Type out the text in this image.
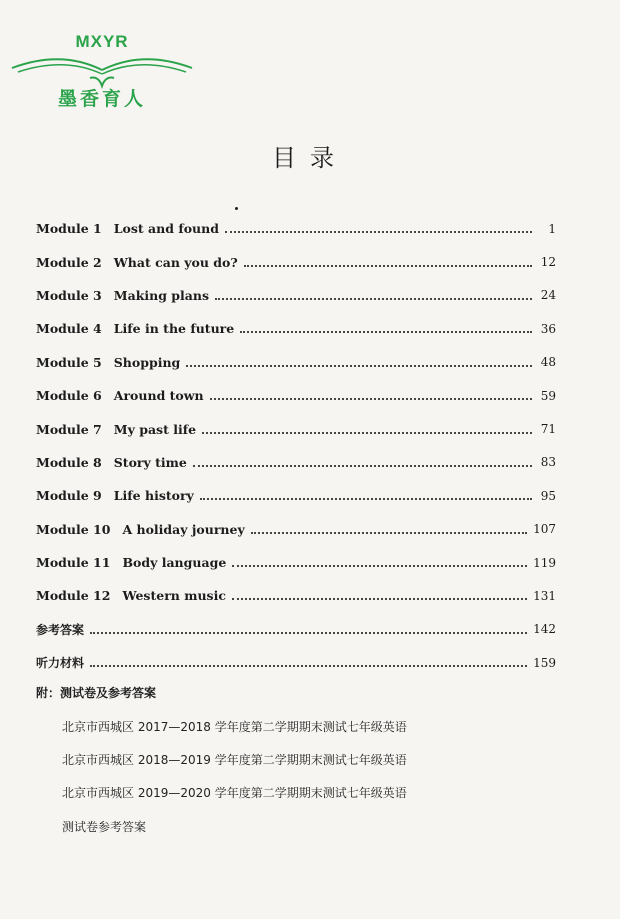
MXYR
墨香育人
目录
Module 1 Lost and found	1
Module 2 What can you do?	12
Module 3 Making plans	24
Module 4 Life in the future	36
Module 5 Shopping	48
Module 6 Around town	59
Module 7 My past life	71
Module 8 Story time	83
Module 9 Life history	95
Module 10 A holiday journey	107
Module 11 Body language	119
Module 12 Western music	131
参考答案	142
听力材料	159
附：测试卷及参考答案
北京市西城区 2017—2018 学年度第二学期期末测试七年级英语
北京市西城区 2018—2019 学年度第二学期期末测试七年级英语
北京市西城区 2019—2020 学年度第二学期期末测试七年级英语
测试卷参考答案
